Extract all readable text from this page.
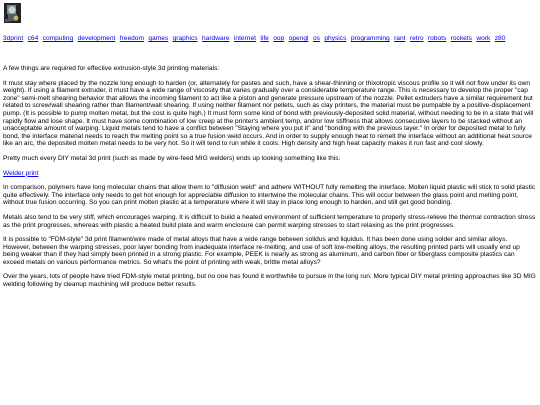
3dprint c64 computing development freedom games graphics hardware internet life oop opengl os physics programming rant retro robots rockets work z80

A few things are required for effective extrusion-style 3d printing materials:

It must stay where placed by the nozzle long enough to harden (or, alternately for pastes and such, have a shear-thinning or thixotropic viscous profile so it will not flow under its own weight). If using a filament extruder, it must have a wide range of viscosity that varies gradually over a considerable temperature range. This is necessary to develop the proper "cap zone" semi-melt shearing behavior that allows the incoming filament to act like a piston and generate pressure upstream of the nozzle. Pellet extruders have a similar requirement but related to screw/wall shearing rather than filament/wall shearing. If using neither filament nor pellets, such as clay printers, the material must be pumpable by a positive-displacement pump. (It is possible to pump molten metal, but the cost is quite high.) It must form some kind of bond with previously-deposited solid material, without needing to be in a state that will rapidly flow and lose shape. It must have some combination of low creep at the printer's ambient temp, and/or low stiffness that allows consecutive layers to be stacked without an unacceptable amount of warping. Liquid metals tend to have a conflict between "Staying where you put it" and "bonding with the previous layer." In order for deposited metal to fully bond, the interface material needs to reach the melting point so a true fusion weld occurs. And in order to supply enough heat to remelt the interface without an additional heat source like an arc, the deposited molten metal needs to be very hot. So it will tend to run while it cools. High density and high heat capacity makes it run fast and cool slowly.

Pretty much every DIY metal 3d print (such as made by wire-feed MIG welders) ends up looking something like this:

Welder print

In comparison, polymers have long molecular chains that allow them to "diffusion weld" and adhere WITHOUT fully remelting the interface. Molten liquid plastic will stick to solid plastic quite effectively. The interface only needs to get hot enough for appreciable diffusion to intertwine the molecular chains. This will occur between the glass point and melting point, without true fusion occurring. So you can print molten plastic at a temperature where it will stay in place long enough to harden, and still get good bonding.

Metals also tend to be very stiff, which encourages warping. It is difficult to build a heated environment of sufficient temperature to properly stress-relieve the thermal contraction stress as the print progresses, whereas with plastic a heated build plate and warm enclosure can permit warping stresses to start relaxing as the print progresses.

It is possible to "FDM-style" 3d print filament/wire made of metal alloys that have a wide range between solidus and liquidus. It has been done using solder and similar alloys. However, between the warping stresses, poor layer bonding from inadequate interface re-melting, and use of soft low-melting alloys, the resulting printed parts will usually end up being weaker than if they had simply been printed in a strong plastic. For example, PEEK is nearly as strong as aluminum, and carbon fiber or fiberglass composite plastics can exceed metals on various performance metrics. So what's the point of printing with weak, brittle metal alloys?

Over the years, lots of people have tried FDM-style metal printing, but no one has found it worthwhile to pursue in the long run. More typical DIY metal printing approaches like 3D MIG welding following by cleanup machining will produce better results.
